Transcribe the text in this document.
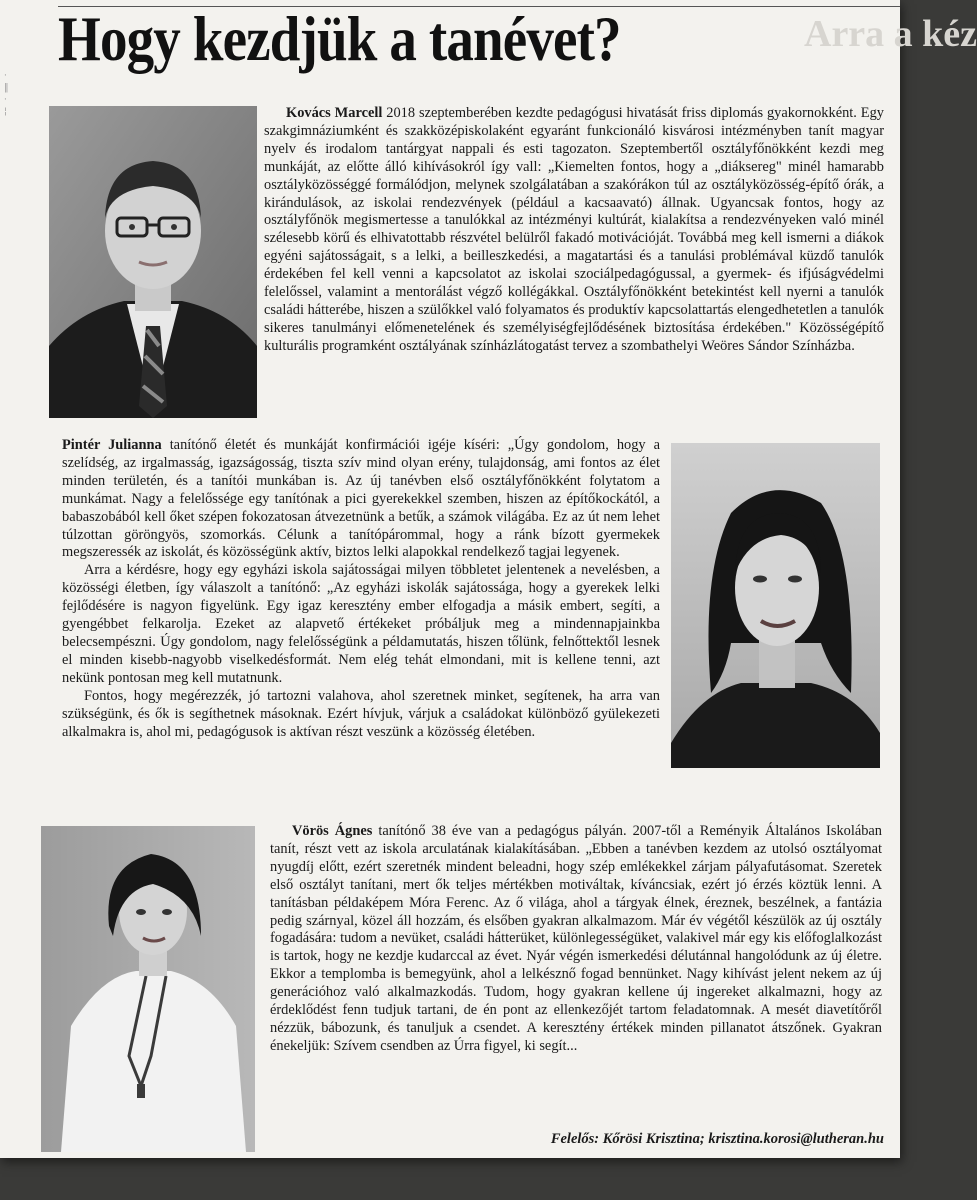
Arra a kéz
·
‖
·
¦
Hogy kezdjük a tanévet?

Kovács Marcell 2018 szeptemberében kezdte pedagógusi hivatását friss diplomás gyakornokként. Egy szakgimnáziumként és szakközépiskolaként egyaránt funkcionáló kisvárosi intézményben tanít magyar nyelv és irodalom tantárgyat nappali és esti tagozaton. Szeptembertől osztályfőnökként kezdi meg munkáját, az előtte álló kihívásokról így vall: „Kiemelten fontos, hogy a „diáksereg" minél hamarabb osztályközösséggé formálódjon, melynek szolgálatában a szakórákon túl az osztályközösség-építő órák, a kirándulások, az iskolai rendezvények (például a kacsaavató) állnak. Ugyancsak fontos, hogy az osztályfőnök megismertesse a tanulókkal az intézményi kultúrát, kialakítsa a rendezvényeken való minél szélesebb körű és elhivatottabb részvétel belülről fakadó motivációját. Továbbá meg kell ismerni a diákok egyéni sajátosságait, s a lelki, a beilleszkedési, a magatartási és a tanulási problémával küzdő tanulók érdekében fel kell venni a kapcsolatot az iskolai szociálpedagógussal, a gyermek- és ifjúságvédelmi felelőssel, valamint a mentorálást végző kollégákkal. Osztályfőnökként betekintést kell nyerni a tanulók családi hátterébe, hiszen a szülőkkel való folyamatos és produktív kapcsolattartás elengedhetetlen a tanulók sikeres tanulmányi előmenetelének és személyiségfejlődésének biztosítása érdekében." Közösségépítő kulturális programként osztályának színházlátogatást tervez a szombathelyi Weöres Sándor Színházba.

Pintér Julianna tanítónő életét és munkáját konfirmációi igéje kíséri: „Úgy gondolom, hogy a szelídség, az irgalmasság, igazságosság, tiszta szív mind olyan erény, tulajdonság, ami fontos az élet minden területén, és a tanítói munkában is. Az új tanévben első osztályfőnökként folytatom a munkámat. Nagy a felelőssége egy tanítónak a pici gyerekekkel szemben, hiszen az építőkockától, a babaszobából kell őket szépen fokozatosan átvezetnünk a betűk, a számok világába. Ez az út nem lehet túlzottan göröngyös, szomorkás. Célunk a tanítópárommal, hogy a ránk bízott gyermekek megszeressék az iskolát, és közösségünk aktív, biztos lelki alapokkal rendelkező tagjai legyenek.

Arra a kérdésre, hogy egy egyházi iskola sajátosságai milyen többletet jelentenek a nevelésben, a közösségi életben, így válaszolt a tanítónő: „Az egyházi iskolák sajátossága, hogy a gyerekek lelki fejlődésére is nagyon figyelünk. Egy igaz keresztény ember elfogadja a másik embert, segíti, a gyengébbet felkarolja. Ezeket az alapvető értékeket próbáljuk meg a mindennapjainkba belecsempészni. Úgy gondolom, nagy felelősségünk a példamutatás, hiszen tőlünk, felnőttektől lesnek el minden kisebb-nagyobb viselkedésformát. Nem elég tehát elmondani, mit is kellene tenni, azt nekünk pontosan meg kell mutatnunk.

Fontos, hogy megérezzék, jó tartozni valahova, ahol szeretnek minket, segítenek, ha arra van szükségünk, és ők is segíthetnek másoknak. Ezért hívjuk, várjuk a családokat különböző gyülekezeti alkalmakra is, ahol mi, pedagógusok is aktívan részt veszünk a közösség életében.

Vörös Ágnes tanítónő 38 éve van a pedagógus pályán. 2007-től a Reményik Általános Iskolában tanít, részt vett az iskola arculatának kialakításában. „Ebben a tanévben kezdem az utolsó osztályomat nyugdíj előtt, ezért szeretnék mindent beleadni, hogy szép emlékekkel zárjam pályafutásomat. Szeretek első osztályt tanítani, mert ők teljes mértékben motiváltak, kíváncsiak, ezért jó érzés köztük lenni. A tanításban példaképem Móra Ferenc. Az ő világa, ahol a tárgyak élnek, éreznek, beszélnek, a fantázia pedig szárnyal, közel áll hozzám, és elsőben gyakran alkalmazom. Már év végétől készülök az új osztály fogadására: tudom a nevüket, családi hátterüket, különlegességüket, valakivel már egy kis előfoglalkozást is tartok, hogy ne kezdje kudarccal az évet. Nyár végén ismerkedési délutánnal hangolódunk az új életre. Ekkor a templomba is bemegyünk, ahol a lelkésznő fogad bennünket. Nagy kihívást jelent nekem az új generációhoz való alkalmazkodás. Tudom, hogy gyakran kellene új ingereket alkalmazni, hogy az érdeklődést fenn tudjuk tartani, de én pont az ellenkezőjét tartom feladatomnak. A mesét diavetítőről nézzük, bábozunk, és tanuljuk a csendet. A keresztény értékek minden pillanatot átszőnek. Gyakran énekeljük: Szívem csendben az Úrra figyel, ki segít...

Felelős: Kőrösi Krisztina; krisztina.korosi@lutheran.hu
